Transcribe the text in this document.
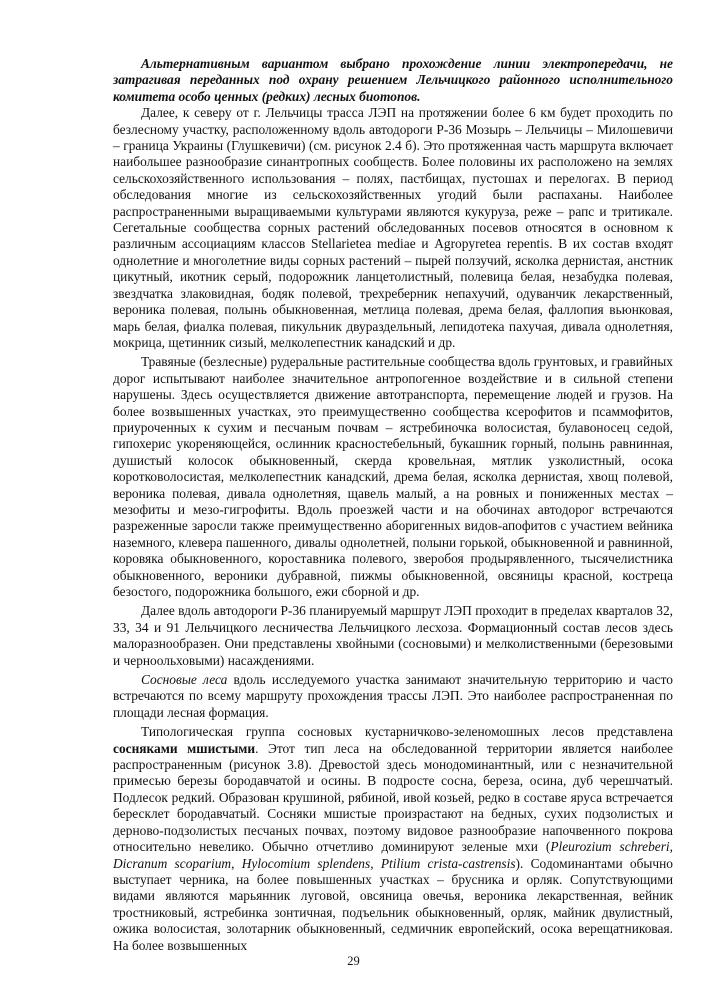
Альтернативным вариантом выбрано прохождение линии электропередачи, не затрагивая переданных под охрану решением Лельчицкого районного исполнительного комитета особо ценных (редких) лесных биотопов.

Далее, к северу от г. Лельчицы трасса ЛЭП на протяжении более 6 км будет проходить по безлесному участку, расположенному вдоль автодороги Р-36 Мозырь – Лельчицы – Милошевичи – граница Украины (Глушкевичи) (см. рисунок 2.4 б). Это протяженная часть маршрута включает наибольшее разнообразие синантропных сообществ. Более половины их расположено на землях сельскохозяйственного использования – полях, пастбищах, пустошах и перелогах. В период обследования многие из сельскохозяйственных угодий были распаханы. Наиболее распространенными выращиваемыми культурами являются кукуруза, реже – рапс и тритикале. Сегетальные сообщества сорных растений обследованных посевов относятся в основном к различным ассоциациям классов Stellarietea mediae и Agropyretea repentis. В их состав входят однолетние и многолетние виды сорных растений – пырей ползучий, ясколка дернистая, анстник цикутный, икотник серый, подорожник ланцетолистный, полевица белая, незабудка полевая, звездчатка злаковидная, бодяк полевой, трехреберник непахучий, одуванчик лекарственный, вероника полевая, полынь обыкновенная, метлица полевая, дрема белая, фаллопия вьюнковая, марь белая, фиалка полевая, пикульник двураздельный, лепидотека пахучая, дивала однолетняя, мокрица, щетинник сизый, мелколепестник канадский и др.

Травяные (безлесные) рудеральные растительные сообщества вдоль грунтовых, и гравийных дорог испытывают наиболее значительное антропогенное воздействие и в сильной степени нарушены. Здесь осуществляется движение автотранспорта, перемещение людей и грузов. На более возвышенных участках, это преимущественно сообщества ксерофитов и псаммофитов, приуроченных к сухим и песчаным почвам – ястребиночка волосистая, булавоносец седой, гипохерис укореняющейся, ослинник красностебельный, букашник горный, полынь равнинная, душистый колосок обыкновенный, скерда кровельная, мятлик узколистный, осока коротковолосистая, мелколепестник канадский, дрема белая, ясколка дернистая, хвощ полевой, вероника полевая, дивала однолетняя, щавель малый, а на ровных и пониженных местах – мезофиты и мезо-гигрофиты. Вдоль проезжей части и на обочинах автодорог встречаются разреженные заросли также преимущественно аборигенных видов-апофитов с участием вейника наземного, клевера пашенного, дивалы однолетней, полыни горькой, обыкновенной и равнинной, коровяка обыкновенного, короставника полевого, зверобоя продырявленного, тысячелистника обыкновенного, вероники дубравной, пижмы обыкновенной, овсяницы красной, кострeца безостого, подорожника большого, ежи сборной и др.

Далее вдоль автодороги Р-36 планируемый маршрут ЛЭП проходит в пределах кварталов 32, 33, 34 и 91 Лельчицкого лесничества Лельчицкого лесхоза. Формационный состав лесов здесь малоразнообразен. Они представлены хвойными (сосновыми) и мелколиственными (березовыми и черноольховыми) насаждениями.

Сосновые леса вдоль исследуемого участка занимают значительную территорию и часто встречаются по всему маршруту прохождения трассы ЛЭП. Это наиболее распространенная по площади лесная формация.

Типологическая группа сосновых кустарничково-зеленомошных лесов представлена сосняками мшистыми. Этот тип леса на обследованной территории является наиболее распространенным (рисунок 3.8). Древостой здесь монодоминантный, или с незначительной примесью березы бородавчатой и осины. В подросте сосна, береза, осина, дуб черешчатый. Подлесок редкий. Образован крушиной, рябиной, ивой козьей, редко в составе яруса встречается бересклет бородавчатый. Сосняки мшистые произрастают на бедных, сухих подзолистых и дерново-подзолистых песчаных почвах, поэтому видовое разнообразие напочвенного покрова относительно невелико. Обычно отчетливо доминируют зеленые мхи (Pleurozium schreberi, Dicranum scoparium, Hylocomium splendens, Ptilium crista-castrensis). Содоминантами обычно выступает черника, на более повышенных участках – брусника и орляк. Сопутствующими видами являются марьянник луговой, овсяница овечья, вероника лекарственная, вейник тростниковый, ястребинка зонтичная, подъельник обыкновенный, орляк, майник двулистный, ожика волосистая, золотарник обыкновенный, седмичник европейский, осока верещатниковая. На более возвышенных

29
